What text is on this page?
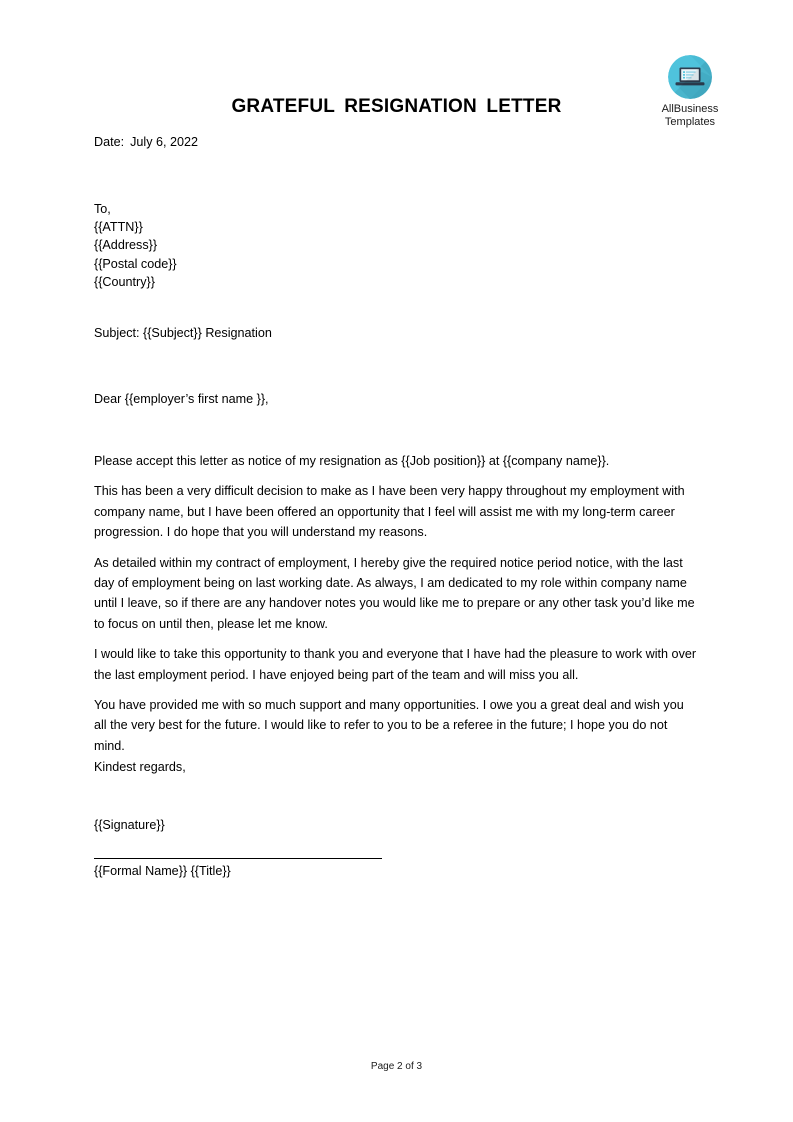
AllBusiness
Templates
GRATEFUL RESIGNATION LETTER
Date: July 6, 2022
To,
{{ATTN}}
{{Address}}
{{Postal code}}
{{Country}}
Subject: {{Subject}} Resignation
Dear {{employer’s first name }},

Please accept this letter as notice of my resignation as {{Job position}} at {{company name}}.

This has been a very difficult decision to make as I have been very happy throughout my employment with company name, but I have been offered an opportunity that I feel will assist me with my long-term career progression. I do hope that you will understand my reasons.

As detailed within my contract of employment, I hereby give the required notice period notice, with the last day of employment being on last working date. As always, I am dedicated to my role within company name until I leave, so if there are any handover notes you would like me to prepare or any other task you’d like me to focus on until then, please let me know.

I would like to take this opportunity to thank you and everyone that I have had the pleasure to work with over the last employment period. I have enjoyed being part of the team and will miss you all.

You have provided me with so much support and many opportunities. I owe you a great deal and wish you all the very best for the future. I would like to refer to you to be a referee in the future; I hope you do not mind.

Kindest regards,
{{Signature}}
{{Formal Name}} {{Title}}
Page 2 of 3
